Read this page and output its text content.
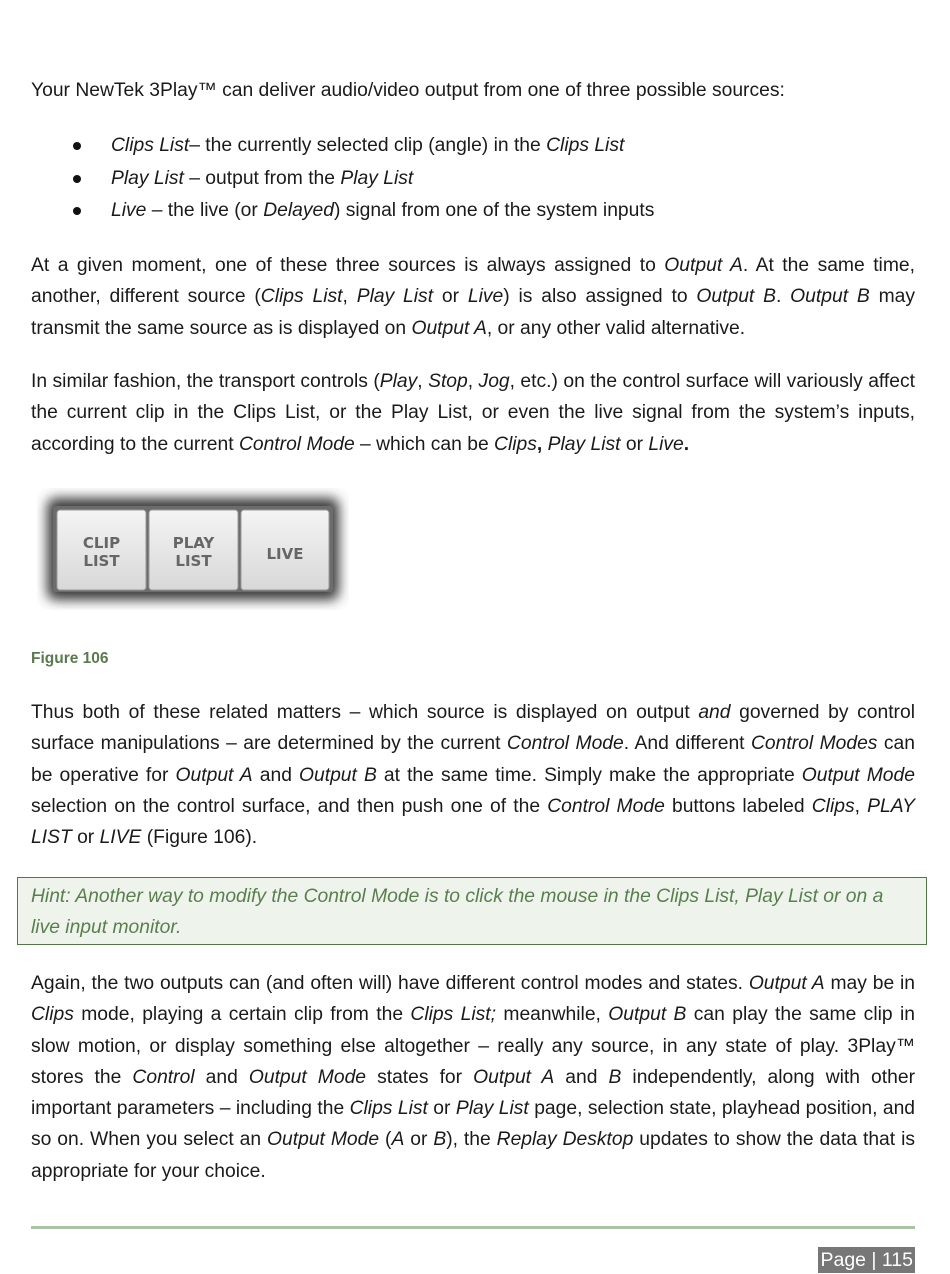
Your NewTek 3Play™ can deliver audio/video output from one of three possible sources:

Clips List– the currently selected clip (angle) in the Clips List
Play List – output from the Play List
Live – the live (or Delayed) signal from one of the system inputs

At a given moment, one of these three sources is always assigned to Output A. At the same time, another, different source (Clips List, Play List or Live) is also assigned to Output B. Output B may transmit the same source as is displayed on Output A, or any other valid alternative.

In similar fashion, the transport controls (Play, Stop, Jog, etc.) on the control surface will variously affect the current clip in the Clips List, or the Play List, or even the live signal from the system’s inputs, according to the current Control Mode – which can be Clips, Play List or Live.

CLIP
LIST
PLAY
LIST	LIVE
Figure 106

Thus both of these related matters – which source is displayed on output and governed by control surface manipulations – are determined by the current Control Mode. And different Control Modes can be operative for Output A and Output B at the same time. Simply make the appropriate Output Mode selection on the control surface, and then push one of the Control Mode buttons labeled Clips, PLAY LIST or LIVE (Figure 106).

Hint: Another way to modify the Control Mode is to click the mouse in the Clips List, Play List or on a live input monitor.

Again, the two outputs can (and often will) have different control modes and states. Output A may be in Clips mode, playing a certain clip from the Clips List; meanwhile, Output B can play the same clip in slow motion, or display something else altogether – really any source, in any state of play. 3Play™ stores the Control and Output Mode states for Output A and B independently, along with other important parameters – including the Clips List or Play List page, selection state, playhead position, and so on. When you select an Output Mode (A or B), the Replay Desktop updates to show the data that is appropriate for your choice.

Page | 115
